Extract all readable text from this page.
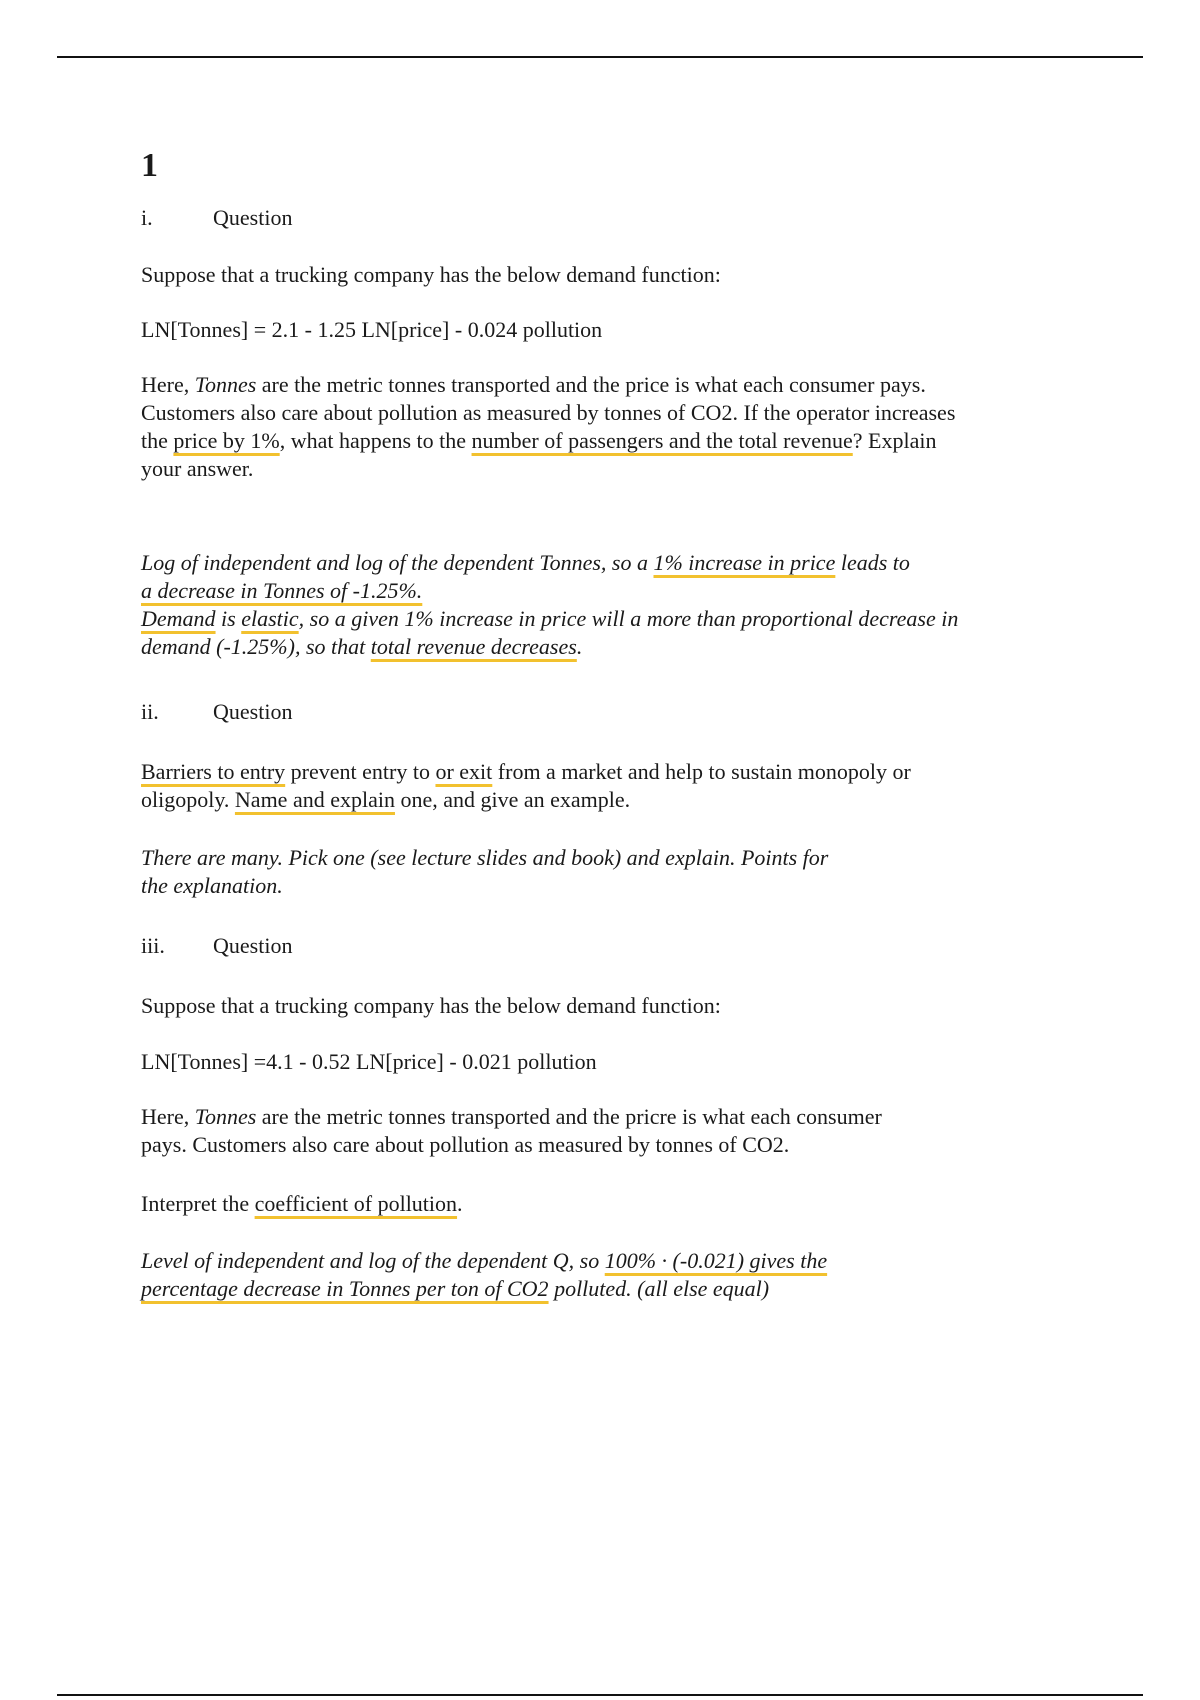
1
i.	Question

Suppose that a trucking company has the below demand function:

LN[Tonnes] = 2.1 - 1.25 LN[price] - 0.024 pollution

Here, Tonnes are the metric tonnes transported and the price is what each consumer pays.
Customers also care about pollution as measured by tonnes of CO2. If the operator increases
the price by 1%, what happens to the number of passengers and the total revenue? Explain
your answer.
Log of independent and log of the dependent Tonnes, so a 1% increase in price leads to
a decrease in Tonnes of -1.25%.
Demand is elastic, so a given 1% increase in price will a more than proportional decrease in
demand (-1.25%), so that total revenue decreases.
ii. Question
Barriers to entry prevent entry to or exit from a market and help to sustain monopoly or
oligopoly. Name and explain one, and give an example.
There are many. Pick one (see lecture slides and book) and explain. Points for
the explanation.
iii. Question

Suppose that a trucking company has the below demand function:

LN[Tonnes] =4.1 - 0.52 LN[price] - 0.021 pollution

Here, Tonnes are the metric tonnes transported and the pricre is what each consumer
pays. Customers also care about pollution as measured by tonnes of CO2.
Interpret the coefficient of pollution.
Level of independent and log of the dependent Q, so 100% · (-0.021) gives the
percentage decrease in Tonnes per ton of CO2 polluted. (all else equal)
